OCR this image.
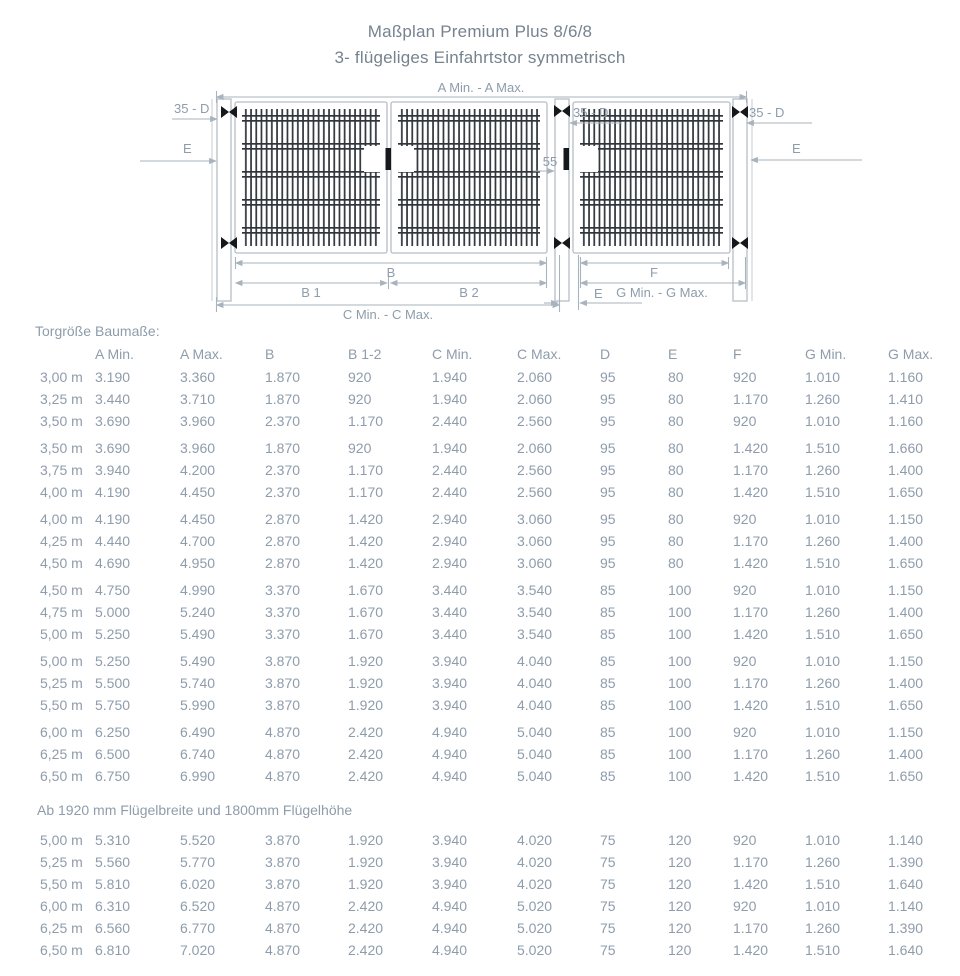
Maßplan Premium Plus 8/6/8
3- flügeliges Einfahrtstor symmetrisch
A Min. - A Max.
35 - D	35 - D	35 - D
E	E
55
B	F
B 1	B 2	G Min. - G Max.
C Min. - C Max.
E
Torgröße Baumaße:
A Min.	A Max.	B	B 1-2	C Min.	C Max.	D	E	F	G Min.	G Max.
3,00 m 3.190	3.360	1.870	920	1.940	2.060	95	80	920	1.010	1.160
3,25 m 3.440	3.710	1.870	920	1.940	2.060	95	80	1.170	1.260	1.410
3,50 m 3.690	3.960	2.370	1.170	2.440	2.560	95	80	920	1.010	1.160
3,50 m 3.690	3.960	1.870	920	1.940	2.060	95	80	1.420	1.510	1.660
3,75 m 3.940	4.200	2.370	1.170	2.440	2.560	95	80	1.170	1.260	1.400
4,00 m 4.190	4.450	2.370	1.170	2.440	2.560	95	80	1.420	1.510	1.650
4,00 m 4.190	4.450	2.870	1.420	2.940	3.060	95	80	920	1.010	1.150
4,25 m 4.440	4.700	2.870	1.420	2.940	3.060	95	80	1.170	1.260	1.400
4,50 m 4.690	4.950	2.870	1.420	2.940	3.060	95	80	1.420	1.510	1.650
4,50 m 4.750	4.990	3.370	1.670	3.440	3.540	85	100	920	1.010	1.150
4,75 m 5.000	5.240	3.370	1.670	3.440	3.540	85	100	1.170	1.260	1.400
5,00 m 5.250	5.490	3.370	1.670	3.440	3.540	85	100	1.420	1.510	1.650
5,00 m 5.250	5.490	3.870	1.920	3.940	4.040	85	100	920	1.010	1.150
5,25 m 5.500	5.740	3.870	1.920	3.940	4.040	85	100	1.170	1.260	1.400
5,50 m 5.750	5.990	3.870	1.920	3.940	4.040	85	100	1.420	1.510	1.650
6,00 m 6.250	6.490	4.870	2.420	4.940	5.040	85	100	920	1.010	1.150
6,25 m 6.500	6.740	4.870	2.420	4.940	5.040	85	100	1.170	1.260	1.400
6,50 m 6.750	6.990	4.870	2.420	4.940	5.040	85	100	1.420	1.510	1.650
Ab 1920 mm Flügelbreite und 1800mm Flügelhöhe
5,00 m 5.310	5.520	3.870	1.920	3.940	4.020	75	120	920	1.010	1.140
5,25 m 5.560	5.770	3.870	1.920	3.940	4.020	75	120	1.170	1.260	1.390
5,50 m 5.810	6.020	3.870	1.920	3.940	4.020	75	120	1.420	1.510	1.640
6,00 m 6.310	6.520	4.870	2.420	4.940	5.020	75	120	920	1.010	1.140
6,25 m 6.560	6.770	4.870	2.420	4.940	5.020	75	120	1.170	1.260	1.390
6,50 m 6.810	7.020	4.870	2.420	4.940	5.020	75	120	1.420	1.510	1.640
